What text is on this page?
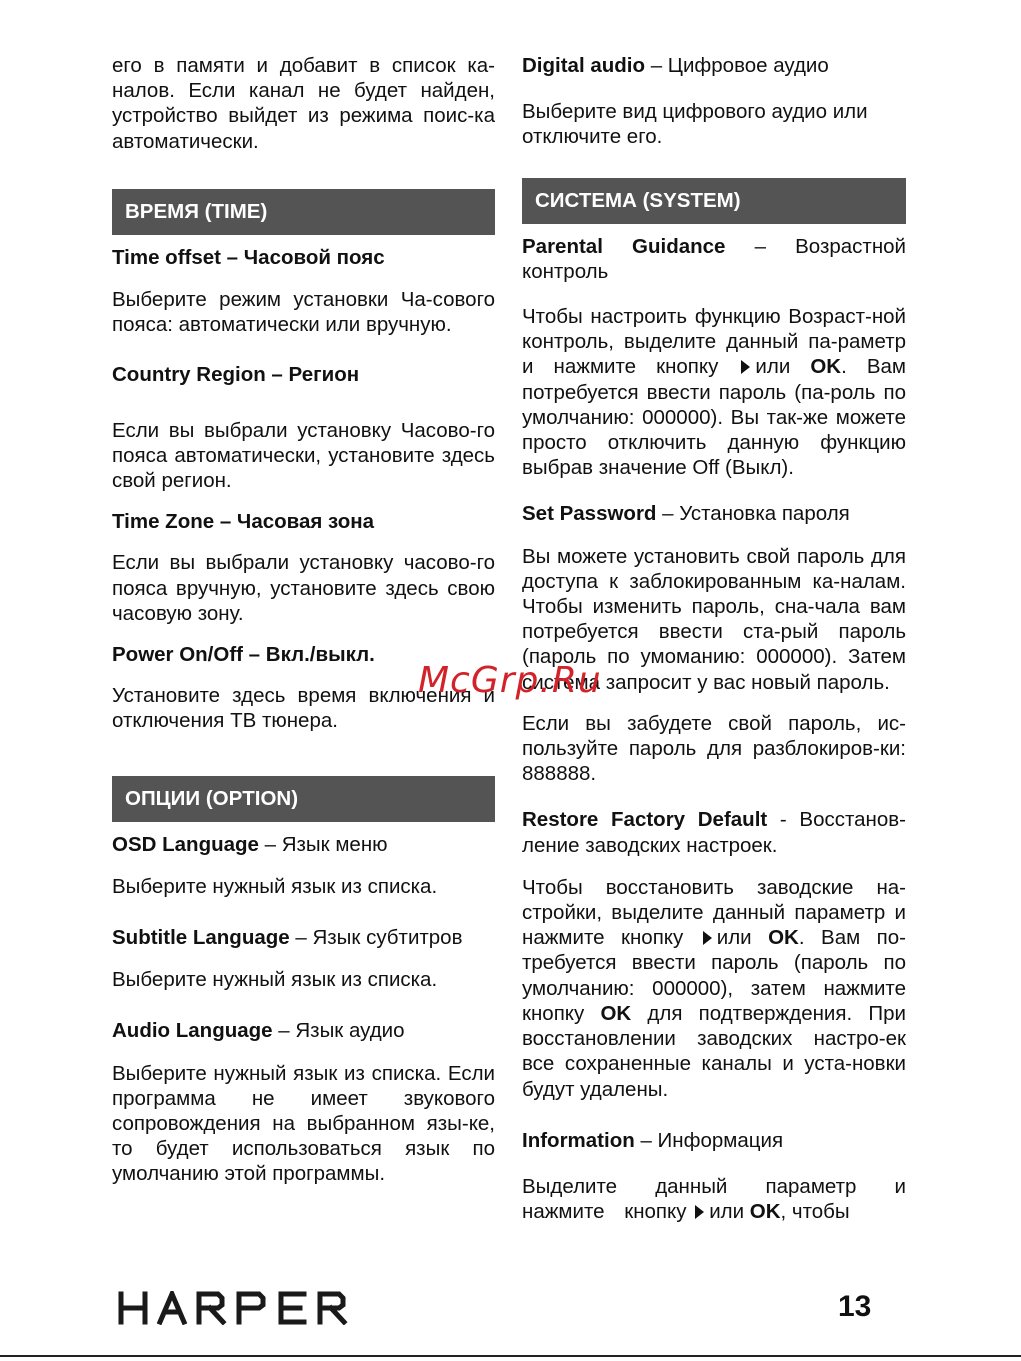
его в памяти и добавит в список ка-налов. Если канал не будет найден, устройство выйдет из режима поис-ка автоматически.

ВРЕМЯ (TIME)

Time offset – Часовой пояс

Выберите режим установки Ча-сового пояса: автоматически или вручную.

Country Region – Регион

Если вы выбрали установку Часово-го пояса автоматически, установите здесь свой регион.

Time Zone – Часовая зона

Если вы выбрали установку часово-го пояса вручную, установите здесь свою часовую зону.

Power On/Off – Вкл./выкл.

Установите здесь время включения и отключения ТВ тюнера.

ОПЦИИ (OPTION)

OSD Language – Язык меню

Выберите нужный язык из списка.

Subtitle Language – Язык субтитров

Выберите нужный язык из списка.

Audio Language – Язык аудио

Выберите нужный язык из списка. Если программа не имеет звукового сопровождения на выбранном язы-ке, то будет использоваться язык по умолчанию этой программы.

Digital audio – Цифровое аудио

Выберите вид цифрового аудио или отключите его.

СИСТЕМА (SYSTEM)

Parental Guidance – Возрастной контроль

Чтобы настроить функцию Возраст-ной контроль, выделите данный па-раметр и нажмите кнопку или OK. Вам потребуется ввести пароль (па-роль по умолчанию: 000000). Вы так-же можете просто отключить данную функцию выбрав значение Off (Выкл).

Set Password – Установка пароля

Вы можете установить свой пароль для доступа к заблокированным ка-налам. Чтобы изменить пароль, сна-чала вам потребуется ввести ста-рый пароль (пароль по умоманию: 000000). Затем система запросит у вас новый пароль.

Если вы забудете свой пароль, ис-пользуйте пароль для разблокиров-ки: 888888.

Restore Factory Default - Восстанов-ление заводских настроек.

Чтобы восстановить заводские на-стройки, выделите данный параметр и нажмите кнопку или OK. Вам по-требуется ввести пароль (пароль по умолчанию: 000000), затем нажмите кнопку OK для подтверждения. При восстановлении заводских настро-ек все сохраненные каналы и уста-новки будут удалены.

Information – Информация

Выделите данный параметр и нажмите кнопку или OK, чтобы

McGrp.Ru
13
